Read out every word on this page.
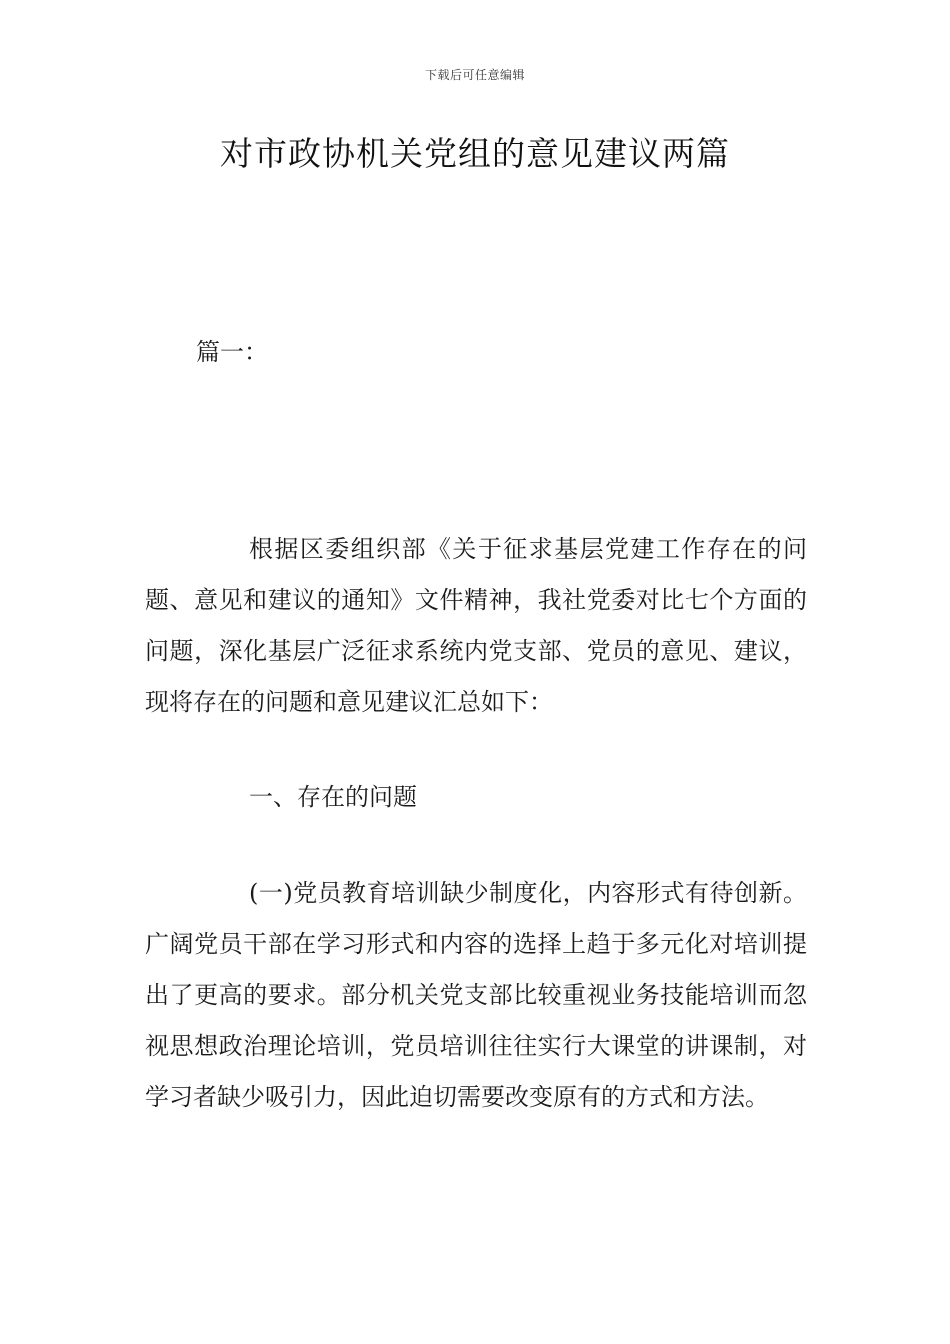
下载后可任意编辑
对市政协机关党组的意见建议两篇
篇一：

根据区委组织部《关于征求基层党建工作存在的问题、意见和建议的通知》文件精神，我社党委对比七个方面的问题，深化基层广泛征求系统内党支部、党员的意见、建议，现将存在的问题和意见建议汇总如下：

一、存在的问题

(一)党员教育培训缺少制度化，内容形式有待创新。广阔党员干部在学习形式和内容的选择上趋于多元化对培训提出了更高的要求。部分机关党支部比较重视业务技能培训而忽视思想政治理论培训，党员培训往往实行大课堂的讲课制，对学习者缺少吸引力，因此迫切需要改变原有的方式和方法。
